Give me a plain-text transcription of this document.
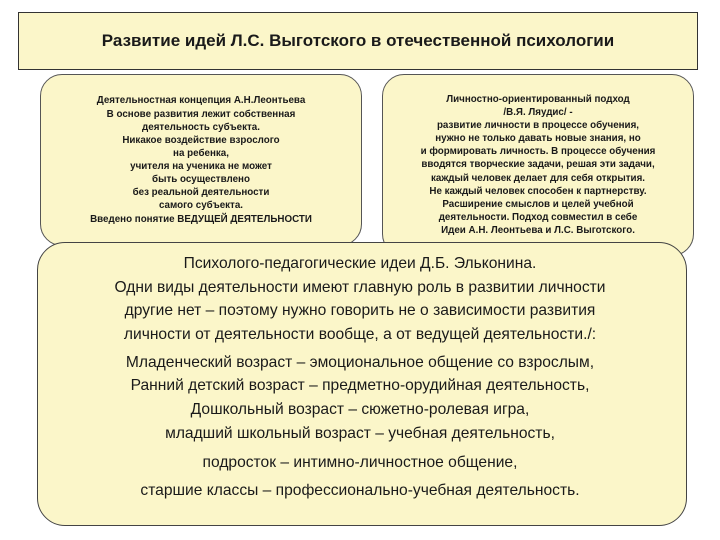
Развитие идей Л.С. Выготского в отечественной психологии
Деятельностная концепция А.Н.Леонтьева
В основе развития лежит собственная
деятельность субъекта.
Никакое воздействие взрослого
на ребенка,
учителя на ученика не может
быть осуществлено
без реальной деятельности
самого субъекта.
Введено понятие ВЕДУЩЕЙ ДЕЯТЕЛЬНОСТИ
Личностно-ориентированный подход
/В.Я. Ляудис/ -
развитие личности в процессе обучения,
нужно не только давать новые знания, но
и формировать личность. В процессе обучения
вводятся творческие задачи, решая эти задачи,
каждый человек делает для себя открытия.
Не каждый человек способен к партнерству.
Расширение смыслов и целей учебной
деятельности. Подход совместил в себе
Идеи А.Н. Леонтьева и Л.С. Выготского.
Психолого-педагогические идеи Д.Б. Эльконина.
Одни виды деятельности имеют главную роль в развитии личности
другие нет – поэтому нужно говорить не о зависимости развития
личности от деятельности вообще, а от ведущей деятельности./:
Младенческий возраст – эмоциональное общение со взрослым,
Ранний детский возраст – предметно-орудийная деятельность,
Дошкольный возраст – сюжетно-ролевая игра,
младший школьный возраст – учебная деятельность,
подросток – интимно-личностное общение,
старшие классы – профессионально-учебная деятельность.
